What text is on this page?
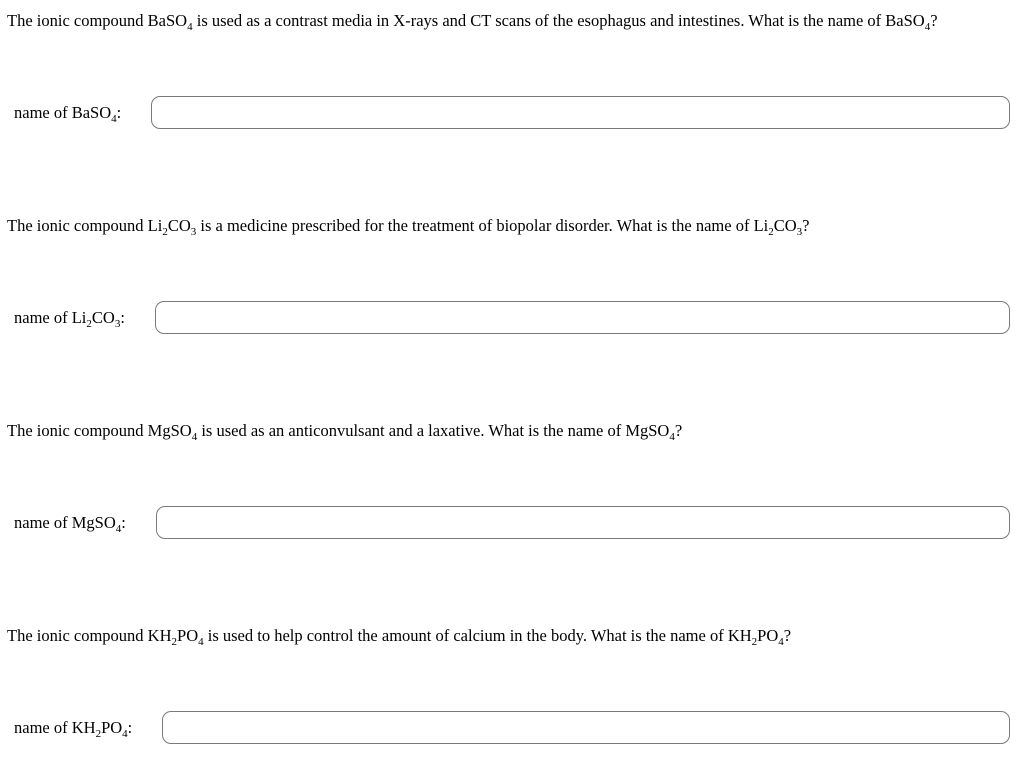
The ionic compound BaSO$_4$ is used as a contrast media in X-rays and CT scans of the esophagus and intestines. What is the name of BaSO$_4$?

name of BaSO$_4$:

The ionic compound $Li_2CO_3$ is a medicine prescribed for the treatment of biopolar disorder. What is the name of $Li_2CO_3$?

name of $Li_2CO_3$:

The ionic compound MgSO$_4$ is used as an anticonvulsant and a laxative. What is the name of MgSO$_4$?

name of MgSO$_4$:

The ionic compound $KH_2PO_4$ is used to help control the amount of calcium in the body. What is the name of $KH_2PO_4$?

name of $KH_2PO_4$:
